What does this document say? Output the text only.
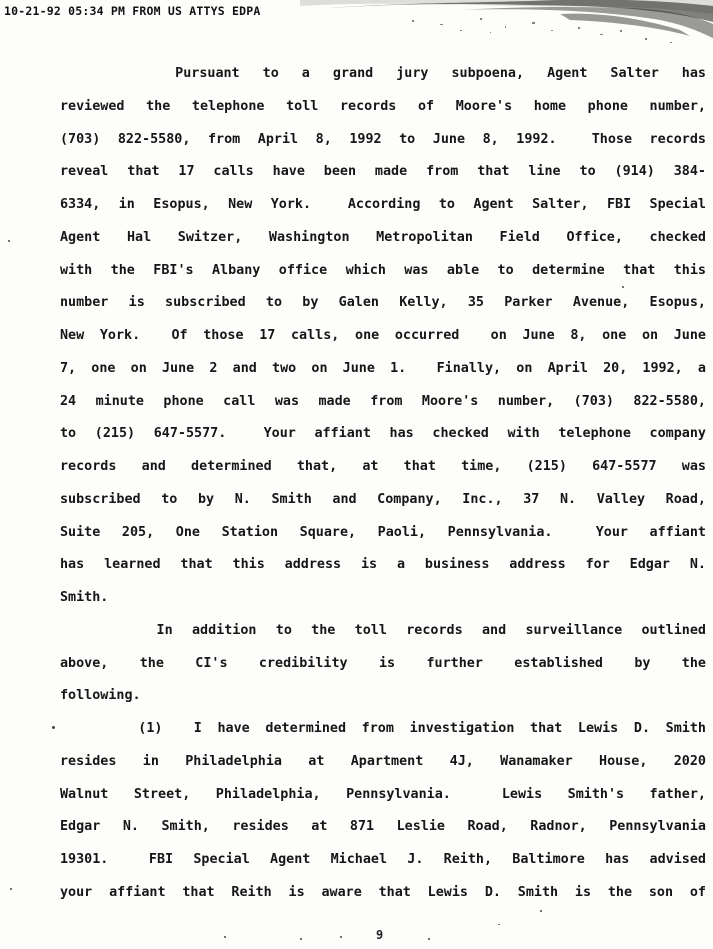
10-21-92 05:34 PM FROM US ATTYS EDPA
Pursuant to a grand jury subpoena, Agent Salter has
reviewed the telephone toll records of Moore's home phone number,
(703) 822-5580, from April 8, 1992 to June 8, 1992.  Those records
reveal that 17 calls have been made from that line to (914) 384-
6334, in Esopus, New York.  According to Agent Salter, FBI Special
Agent Hal Switzer, Washington Metropolitan Field Office, checked
with the FBI's Albany office which was able to determine that this
number is subscribed to by Galen Kelly, 35 Parker Avenue, Esopus,
New York.  Of those 17 calls, one occurred  on June 8, one on June
7, one on June 2 and two on June 1.  Finally, on April 20, 1992, a
24 minute phone call was made from Moore's number, (703) 822-5580,
to (215) 647-5577.  Your affiant has checked with telephone company
records and determined that, at that time, (215) 647-5577 was
subscribed to by N. Smith and Company, Inc., 37 N. Valley Road,
Suite 205, One Station Square, Paoli, Pennsylvania.  Your affiant
has learned that this address is a business address for Edgar N.
Smith.
In addition to the toll records and surveillance outlined
above, the CI's credibility is further established by the
following.
(1)  I have determined from investigation that Lewis D. Smith
resides in Philadelphia at Apartment 4J, Wanamaker House, 2020
Walnut Street, Philadelphia, Pennsylvania.  Lewis Smith's father,
Edgar N. Smith, resides at 871 Leslie Road, Radnor, Pennsylvania
19301.  FBI Special Agent Michael J. Reith, Baltimore has advised
your affiant that Reith is aware that Lewis D. Smith is the son of
9
